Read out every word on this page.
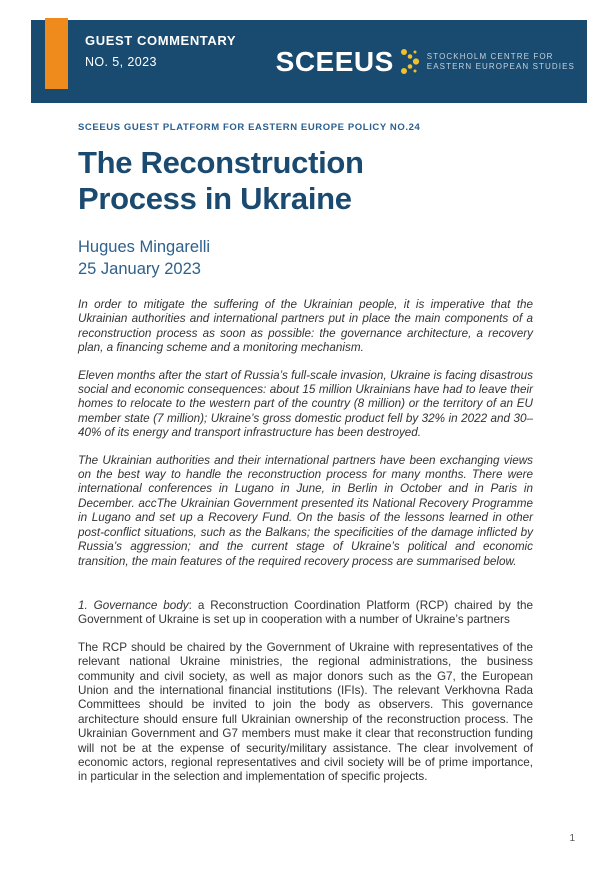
GUEST COMMENTARY
NO. 5, 2023	SCEEUS	STOCKHOLM CENTRE FOR
EASTERN EUROPEAN STUDIES
SCEEUS GUEST PLATFORM FOR EASTERN EUROPE POLICY NO.24
The Reconstruction
Process in Ukraine
Hugues Mingarelli
25 January 2023

In order to mitigate the suffering of the Ukrainian people, it is imperative that the Ukrainian authorities and international partners put in place the main components of a reconstruction process as soon as possible: the governance architecture, a recovery plan, a financing scheme and a monitoring mechanism.

Eleven months after the start of Russia’s full-scale invasion, Ukraine is facing disastrous social and economic consequences: about 15 million Ukrainians have had to leave their homes to relocate to the western part of the country (8 million) or the territory of an EU member state (7 million); Ukraine’s gross domestic product fell by 32% in 2022 and 30–40% of its energy and transport infrastructure has been destroyed.

The Ukrainian authorities and their international partners have been exchanging views on the best way to handle the reconstruction process for many months. There were international conferences in Lugano in June, in Berlin in October and in Paris in December. accThe Ukrainian Government presented its National Recovery Programme in Lugano and set up a Recovery Fund. On the basis of the lessons learned in other post-conflict situations, such as the Balkans; the specificities of the damage inflicted by Russia’s aggression; and the current stage of Ukraine’s political and economic transition, the main features of the required recovery process are summarised below.

1. Governance body: a Reconstruction Coordination Platform (RCP) chaired by the Government of Ukraine is set up in cooperation with a number of Ukraine’s partners

The RCP should be chaired by the Government of Ukraine with representatives of the relevant national Ukraine ministries, the regional administrations, the business community and civil society, as well as major donors such as the G7, the European Union and the international financial institutions (IFIs). The relevant Verkhovna Rada Committees should be invited to join the body as observers. This governance architecture should ensure full Ukrainian ownership of the reconstruction process. The Ukrainian Government and G7 members must make it clear that reconstruction funding will not be at the expense of security/military assistance. The clear involvement of economic actors, regional representatives and civil society will be of prime importance, in particular in the selection and implementation of specific projects.

1
